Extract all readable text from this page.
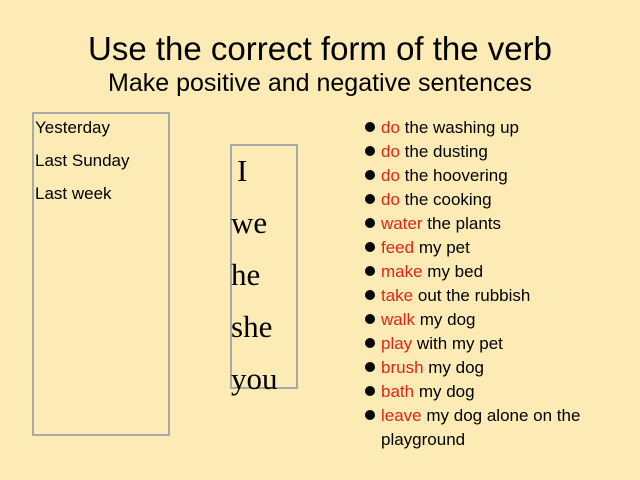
Use the correct form of the verb
Make positive and negative sentences
Yesterday
Last Sunday
Last week
I
we
he
she
you
do the washing up
do the dusting
do the hoovering
do the cooking
water the plants
feed my pet
make my bed
take out the rubbish
walk my dog
play with my pet
brush my dog
bath my dog
leave my dog alone on the playground
